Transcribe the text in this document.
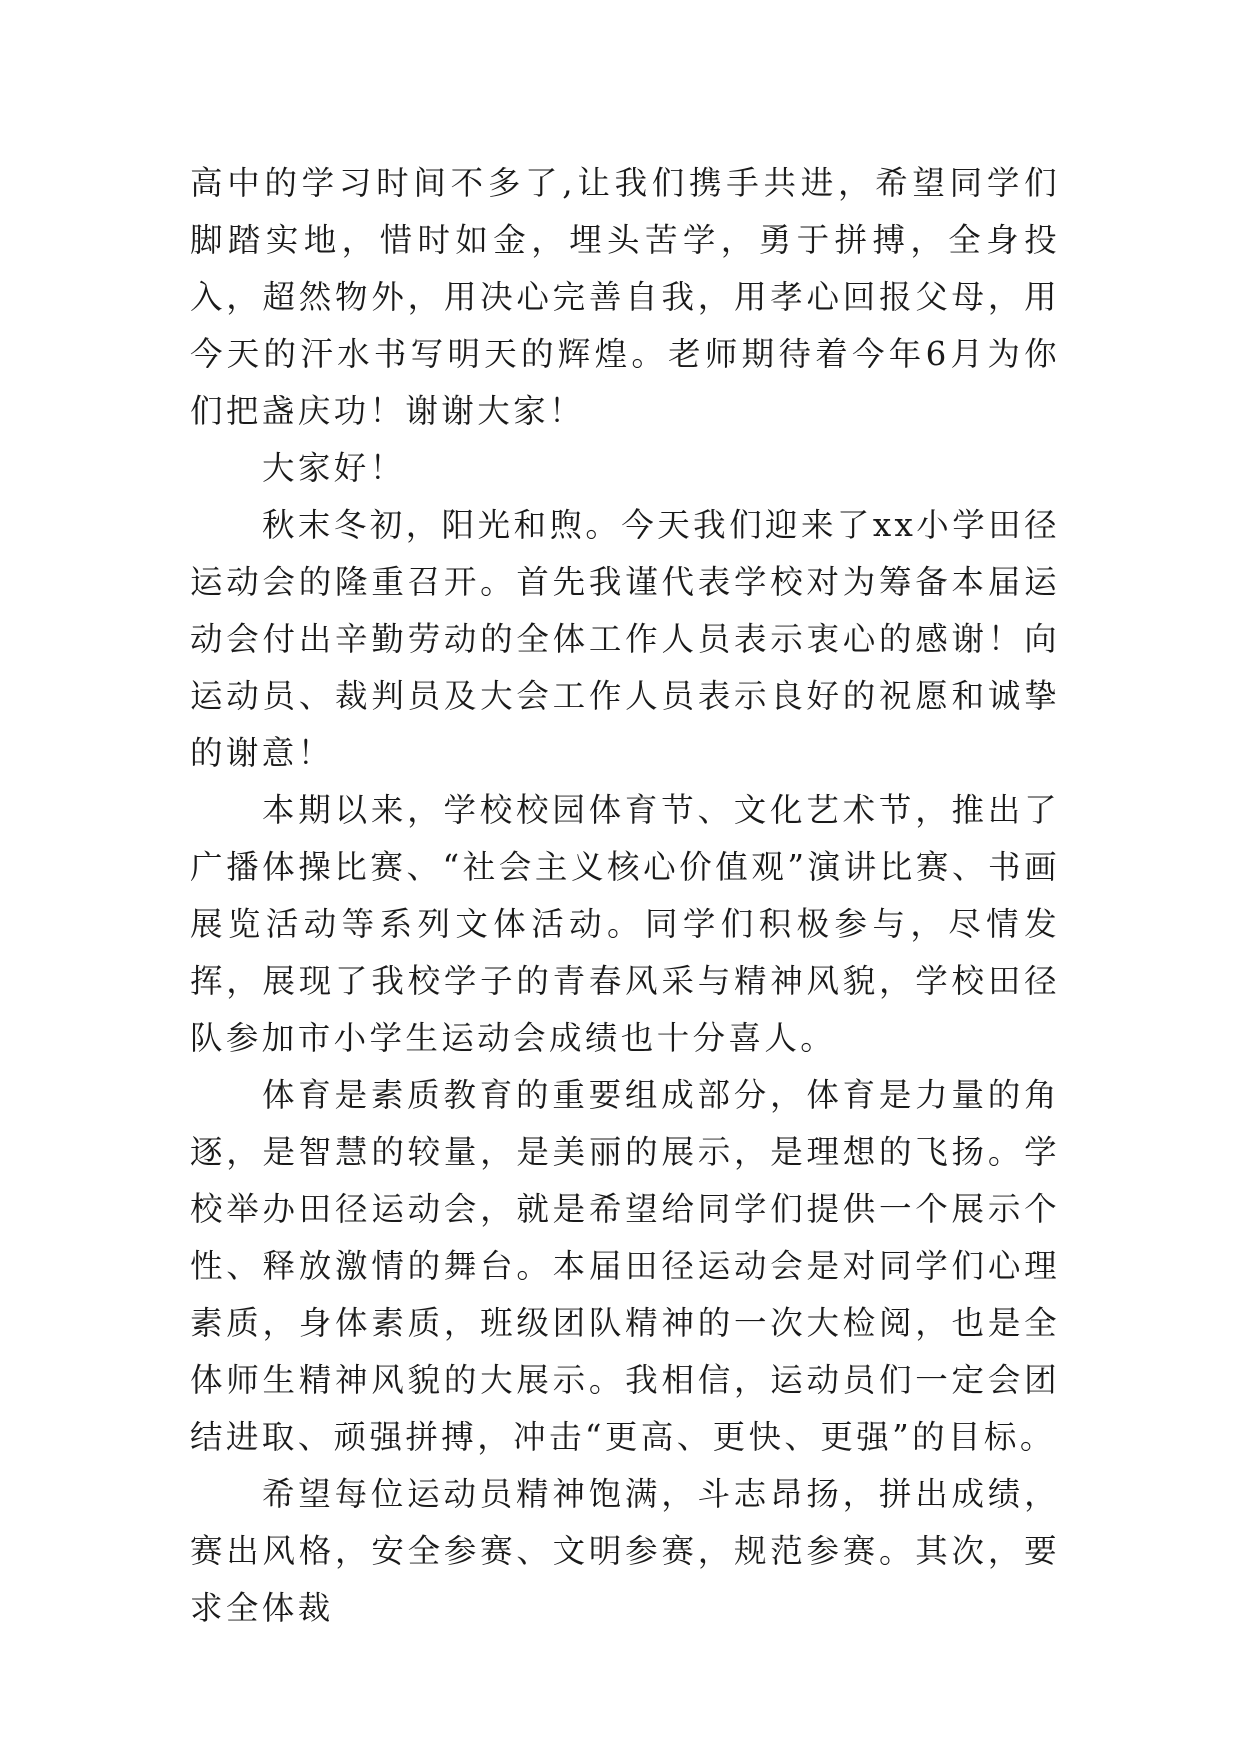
高中的学习时间不多了,让我们携手共进，希望同学们脚踏实地，惜时如金，埋头苦学，勇于拼搏，全身投入，超然物外，用决心完善自我，用孝心回报父母，用今天的汗水书写明天的辉煌。老师期待着今年6月为你们把盏庆功！谢谢大家！

大家好！

秋末冬初，阳光和煦。今天我们迎来了xx小学田径运动会的隆重召开。首先我谨代表学校对为筹备本届运动会付出辛勤劳动的全体工作人员表示衷心的感谢！向运动员、裁判员及大会工作人员表示良好的祝愿和诚挚的谢意！

本期以来，学校校园体育节、文化艺术节，推出了广播体操比赛、“社会主义核心价值观”演讲比赛、书画展览活动等系列文体活动。同学们积极参与，尽情发挥，展现了我校学子的青春风采与精神风貌，学校田径队参加市小学生运动会成绩也十分喜人。

体育是素质教育的重要组成部分，体育是力量的角逐，是智慧的较量，是美丽的展示，是理想的飞扬。学校举办田径运动会，就是希望给同学们提供一个展示个性、释放激情的舞台。本届田径运动会是对同学们心理素质，身体素质，班级团队精神的一次大检阅，也是全体师生精神风貌的大展示。我相信，运动员们一定会团结进取、顽强拼搏，冲击“更高、更快、更强”的目标。

希望每位运动员精神饱满，斗志昂扬，拼出成绩，赛出风格，安全参赛、文明参赛，规范参赛。其次，要求全体裁
